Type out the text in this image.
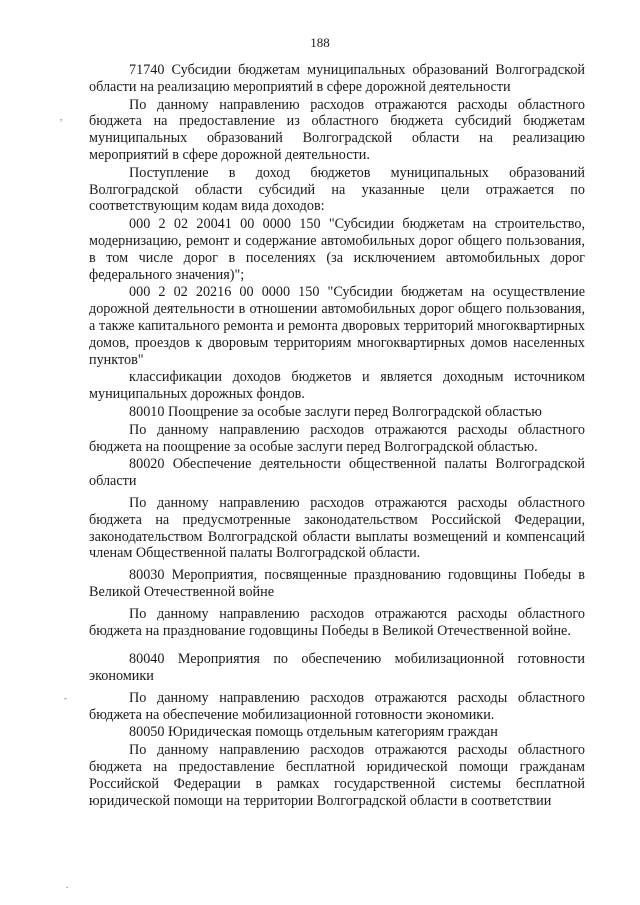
188
,
-
.

71740 Субсидии бюджетам муниципальных образований Волгоградской области на реализацию мероприятий в сфере дорожной деятельности

По данному направлению расходов отражаются расходы областного бюджета на предоставление из областного бюджета субсидий бюджетам муниципальных образований Волгоградской области на реализацию мероприятий в сфере дорожной деятельности.

Поступление в доход бюджетов муниципальных образований Волгоградской области субсидий на указанные цели отражается по соответствующим кодам вида доходов:

000 2 02 20041 00 0000 150 "Субсидии бюджетам на строительство, модернизацию, ремонт и содержание автомобильных дорог общего пользования, в том числе дорог в поселениях (за исключением автомобильных дорог федерального значения)";

000 2 02 20216 00 0000 150 "Субсидии бюджетам на осуществление дорожной деятельности в отношении автомобильных дорог общего пользования, а также капитального ремонта и ремонта дворовых территорий многоквартирных домов, проездов к дворовым территориям многоквартирных домов населенных пунктов"

классификации доходов бюджетов и является доходным источником муниципальных дорожных фондов.

80010 Поощрение за особые заслуги перед Волгоградской областью

По данному направлению расходов отражаются расходы областного бюджета на поощрение за особые заслуги перед Волгоградской областью.

80020 Обеспечение деятельности общественной палаты Волгоградской области

По данному направлению расходов отражаются расходы областного бюджета на предусмотренные законодательством Российской Федерации, законодательством Волгоградской области выплаты возмещений и компенсаций членам Общественной палаты Волгоградской области.

80030 Мероприятия, посвященные празднованию годовщины Победы в Великой Отечественной войне

По данному направлению расходов отражаются расходы областного бюджета на празднование годовщины Победы в Великой Отечественной войне.

80040 Мероприятия по обеспечению мобилизационной готовности экономики

По данному направлению расходов отражаются расходы областного бюджета на обеспечение мобилизационной готовности экономики.

80050 Юридическая помощь отдельным категориям граждан

По данному направлению расходов отражаются расходы областного бюджета на предоставление бесплатной юридической помощи гражданам Российской Федерации в рамках государственной системы бесплатной юридической помощи на территории Волгоградской области в соответствии
